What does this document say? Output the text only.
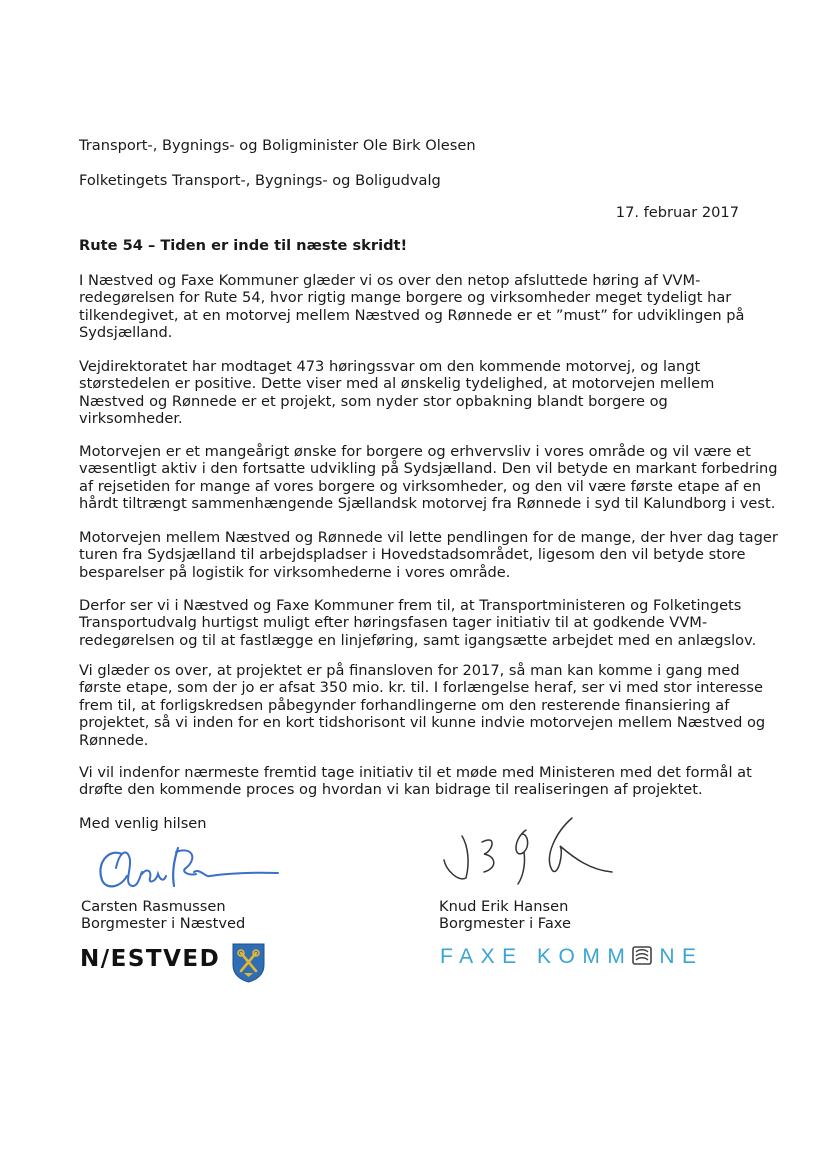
Transport-, Bygnings- og Boligminister Ole Birk Olesen
Folketingets Transport-, Bygnings- og Boligudvalg
17. februar 2017
Rute 54 – Tiden er inde til næste skridt!
I Næstved og Faxe Kommuner glæder vi os over den netop afsluttede høring af VVM-
redegørelsen for Rute 54, hvor rigtig mange borgere og virksomheder meget tydeligt har
tilkendegivet, at en motorvej mellem Næstved og Rønnede er et ”must” for udviklingen på
Sydsjælland.
Vejdirektoratet har modtaget 473 høringssvar om den kommende motorvej, og langt
størstedelen er positive. Dette viser med al ønskelig tydelighed, at motorvejen mellem
Næstved og Rønnede er et projekt, som nyder stor opbakning blandt borgere og
virksomheder.
Motorvejen er et mangeårigt ønske for borgere og erhvervsliv i vores område og vil være et
væsentligt aktiv i den fortsatte udvikling på Sydsjælland. Den vil betyde en markant forbedring
af rejsetiden for mange af vores borgere og virksomheder, og den vil være første etape af en
hårdt tiltrængt sammenhængende Sjællandsk motorvej fra Rønnede i syd til Kalundborg i vest.
Motorvejen mellem Næstved og Rønnede vil lette pendlingen for de mange, der hver dag tager
turen fra Sydsjælland til arbejdspladser i Hovedstadsområdet, ligesom den vil betyde store
besparelser på logistik for virksomhederne i vores område.
Derfor ser vi i Næstved og Faxe Kommuner frem til, at Transportministeren og Folketingets
Transportudvalg hurtigst muligt efter høringsfasen tager initiativ til at godkende VVM-
redegørelsen og til at fastlægge en linjeføring, samt igangsætte arbejdet med en anlægslov.
Vi glæder os over, at projektet er på finansloven for 2017, så man kan komme i gang med
første etape, som der jo er afsat 350 mio. kr. til. I forlængelse heraf, ser vi med stor interesse
frem til, at forligskredsen påbegynder forhandlingerne om den resterende finansiering af
projektet, så vi inden for en kort tidshorisont vil kunne indvie motorvejen mellem Næstved og
Rønnede.
Vi vil indenfor nærmeste fremtid tage initiativ til et møde med Ministeren med det formål at
drøfte den kommende proces og hvordan vi kan bidrage til realiseringen af projektet.
Med venlig hilsen
Carsten Rasmussen
Borgmester i Næstved
Knud Erik Hansen
Borgmester i Faxe
N/ESTVED	FAXE KOMM NE
